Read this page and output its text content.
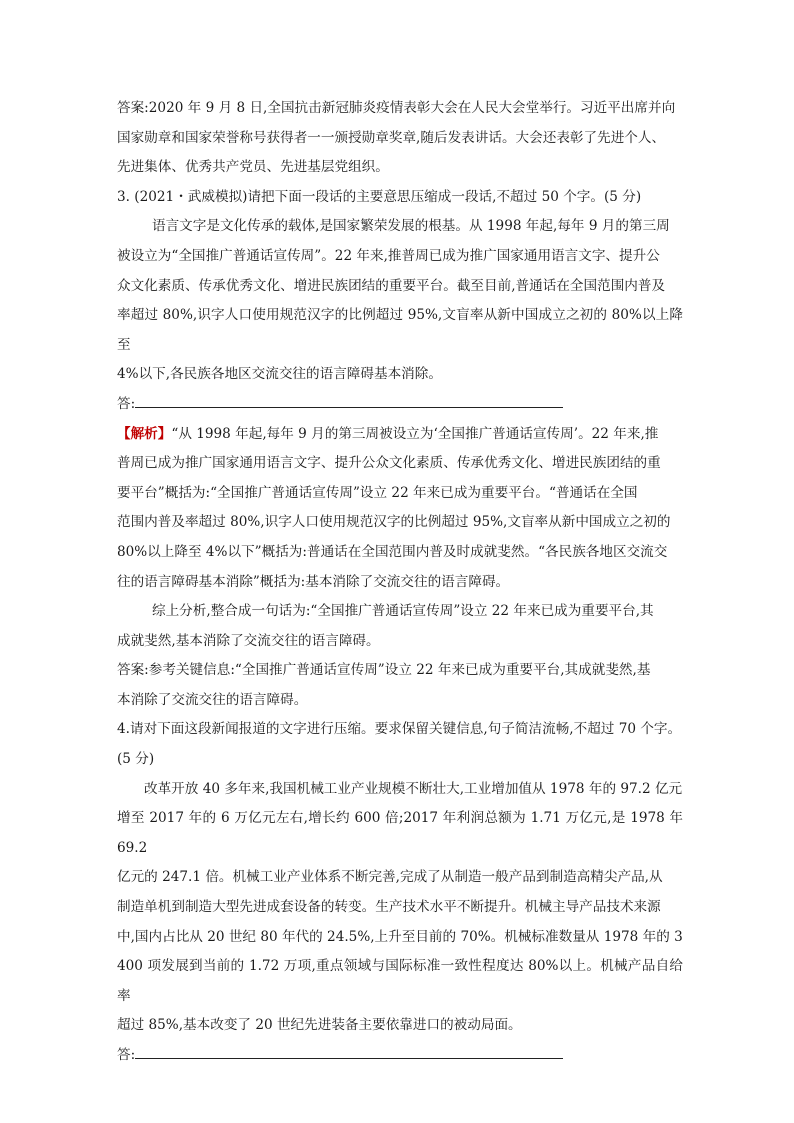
答案:2020 年 9 月 8 日,全国抗击新冠肺炎疫情表彰大会在人民大会堂举行。习近平出席并向

国家勋章和国家荣誉称号获得者一一颁授勋章奖章,随后发表讲话。大会还表彰了先进个人、

先进集体、优秀共产党员、先进基层党组织。

3. (2021・武威模拟)请把下面一段话的主要意思压缩成一段话,不超过 50 个字。(5 分)

语言文字是文化传承的载体,是国家繁荣发展的根基。从 1998 年起,每年 9 月的第三周

被设立为“全国推广普通话宣传周”。22 年来,推普周已成为推广国家通用语言文字、提升公

众文化素质、传承优秀文化、增进民族团结的重要平台。截至目前,普通话在全国范围内普及

率超过 80%,识字人口使用规范汉字的比例超过 95%,文盲率从新中国成立之初的 80%以上降至

4%以下,各民族各地区交流交往的语言障碍基本消除。

答:

【解析】“从 1998 年起,每年 9 月的第三周被设立为‘全国推广普通话宣传周’。22 年来,推

普周已成为推广国家通用语言文字、提升公众文化素质、传承优秀文化、增进民族团结的重

要平台”概括为:“全国推广普通话宣传周”设立 22 年来已成为重要平台。“普通话在全国

范围内普及率超过 80%,识字人口使用规范汉字的比例超过 95%,文盲率从新中国成立之初的

80%以上降至 4%以下”概括为:普通话在全国范围内普及时成就斐然。“各民族各地区交流交

往的语言障碍基本消除”概括为:基本消除了交流交往的语言障碍。

综上分析,整合成一句话为:“全国推广普通话宣传周”设立 22 年来已成为重要平台,其

成就斐然,基本消除了交流交往的语言障碍。

答案:参考关键信息:“全国推广普通话宣传周”设立 22 年来已成为重要平台,其成就斐然,基

本消除了交流交往的语言障碍。

4.请对下面这段新闻报道的文字进行压缩。要求保留关键信息,句子简洁流畅,不超过 70 个字。

(5 分)

改革开放 40 多年来,我国机械工业产业规模不断壮大,工业增加值从 1978 年的 97.2 亿元

增至 2017 年的 6 万亿元左右,增长约 600 倍;2017 年利润总额为 1.71 万亿元,是 1978 年 69.2

亿元的 247.1 倍。机械工业产业体系不断完善,完成了从制造一般产品到制造高精尖产品,从

制造单机到制造大型先进成套设备的转变。生产技术水平不断提升。机械主导产品技术来源

中,国内占比从 20 世纪 80 年代的 24.5%,上升至目前的 70%。机械标准数量从 1978 年的 3

400 项发展到当前的 1.72 万项,重点领域与国际标准一致性程度达 80%以上。机械产品自给率

超过 85%,基本改变了 20 世纪先进装备主要依靠进口的被动局面。

答:
